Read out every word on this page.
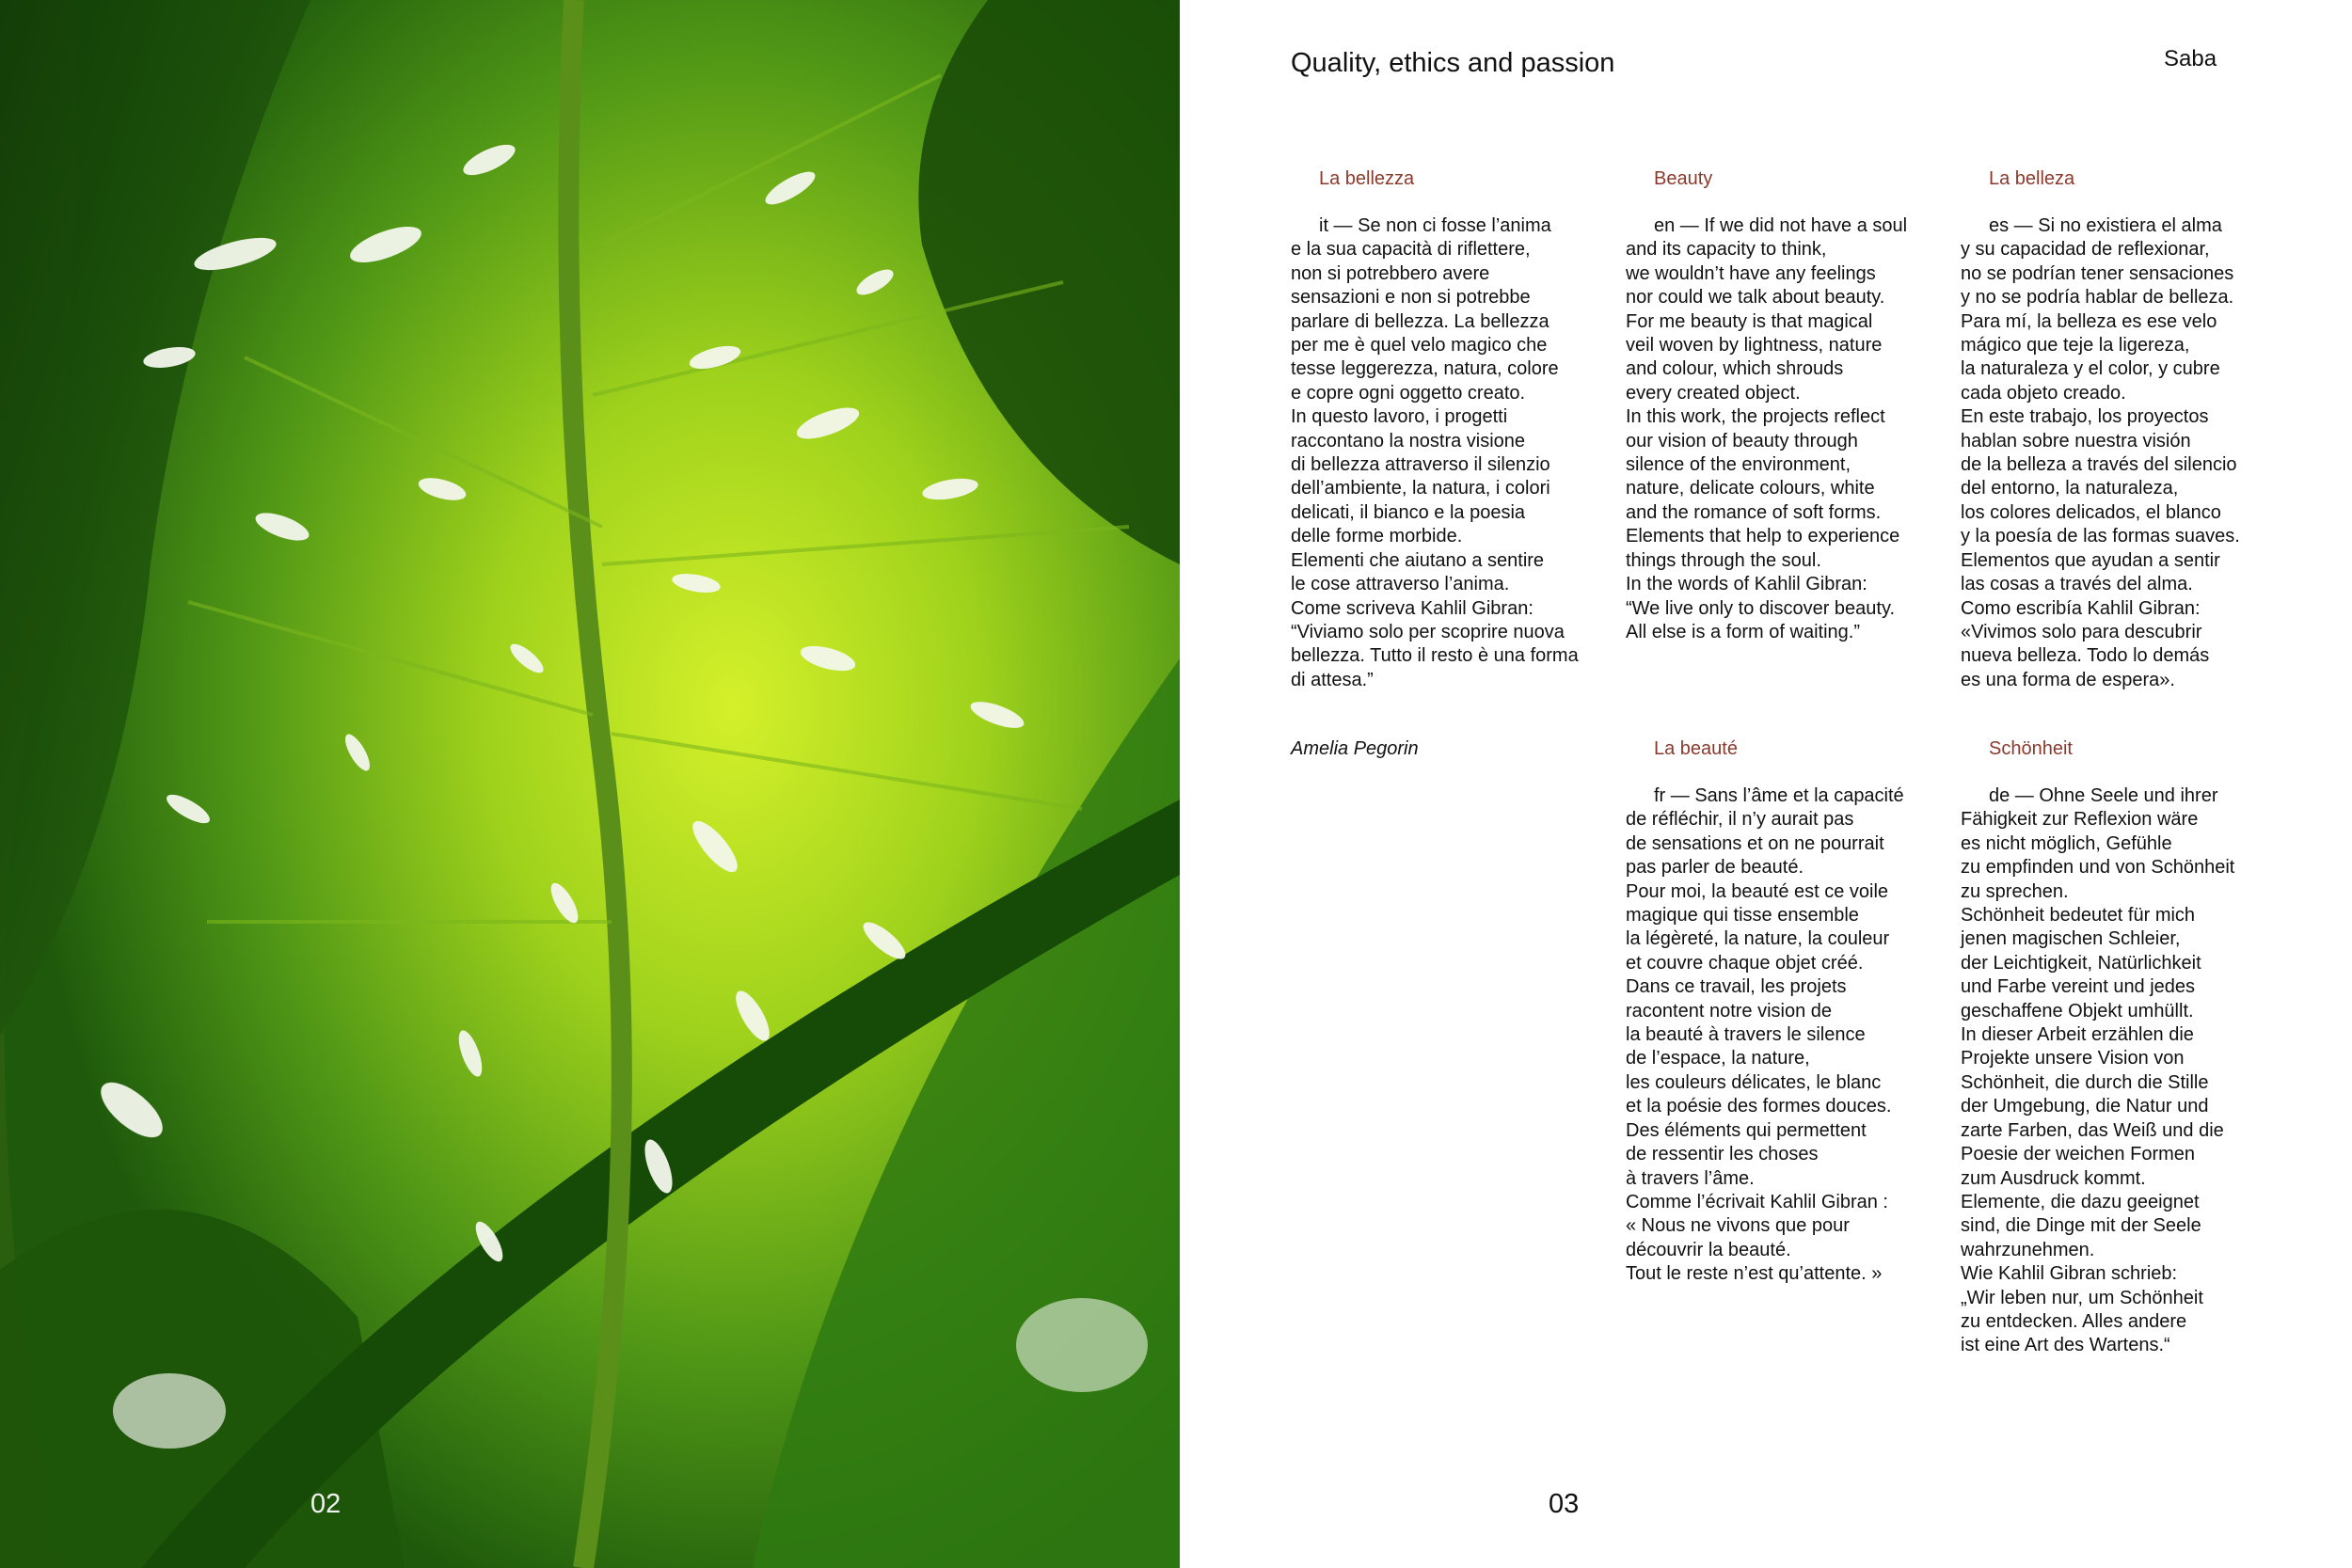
02
Quality, ethics and passion	Saba
La bellezza
it — Se non ci fosse l’anima
e la sua capacità di riflettere,
non si potrebbero avere
sensazioni e non si potrebbe
parlare di bellezza. La bellezza
per me è quel velo magico che
tesse leggerezza, natura, colore
e copre ogni oggetto creato.
In questo lavoro, i progetti
raccontano la nostra visione
di bellezza attraverso il silenzio
dell’ambiente, la natura, i colori
delicati, il bianco e la poesia
delle forme morbide.
Elementi che aiutano a sentire
le cose attraverso l’anima.
Come scriveva Kahlil Gibran:
“Viviamo solo per scoprire nuova
bellezza. Tutto il resto è una forma
di attesa.”
Beauty
en — If we did not have a soul
and its capacity to think,
we wouldn’t have any feelings
nor could we talk about beauty.
For me beauty is that magical
veil woven by lightness, nature
and colour, which shrouds
every created object.
In this work, the projects reflect
our vision of beauty through
silence of the environment,
nature, delicate colours, white
and the romance of soft forms.
Elements that help to experience
things through the soul.
In the words of Kahlil Gibran:
“We live only to discover beauty.
All else is a form of waiting.”
La belleza
es — Si no existiera el alma
y su capacidad de reflexionar,
no se podrían tener sensaciones
y no se podría hablar de belleza.
Para mí, la belleza es ese velo
mágico que teje la ligereza,
la naturaleza y el color, y cubre
cada objeto creado.
En este trabajo, los proyectos
hablan sobre nuestra visión
de la belleza a través del silencio
del entorno, la naturaleza,
los colores delicados, el blanco
y la poesía de las formas suaves.
Elementos que ayudan a sentir
las cosas a través del alma.
Como escribía Kahlil Gibran:
«Vivimos solo para descubrir
nueva belleza. Todo lo demás
es una forma de espera».
Amelia Pegorin	La beauté
fr — Sans l’âme et la capacité
de réfléchir, il n’y aurait pas
de sensations et on ne pourrait
pas parler de beauté.
Pour moi, la beauté est ce voile
magique qui tisse ensemble
la légèreté, la nature, la couleur
et couvre chaque objet créé.
Dans ce travail, les projets
racontent notre vision de
la beauté à travers le silence
de l’espace, la nature,
les couleurs délicates, le blanc
et la poésie des formes douces.
Des éléments qui permettent
de ressentir les choses
à travers l’âme.
Comme l’écrivait Kahlil Gibran :
« Nous ne vivons que pour
découvrir la beauté.
Tout le reste n’est qu’attente. »
Schönheit
de — Ohne Seele und ihrer
Fähigkeit zur Reflexion wäre
es nicht möglich, Gefühle
zu empfinden und von Schönheit
zu sprechen.
Schönheit bedeutet für mich
jenen magischen Schleier,
der Leichtigkeit, Natürlichkeit
und Farbe vereint und jedes
geschaffene Objekt umhüllt.
In dieser Arbeit erzählen die
Projekte unsere Vision von
Schönheit, die durch die Stille
der Umgebung, die Natur und
zarte Farben, das Weiß und die
Poesie der weichen Formen
zum Ausdruck kommt.
Elemente, die dazu geeignet
sind, die Dinge mit der Seele
wahrzunehmen.
Wie Kahlil Gibran schrieb:
„Wir leben nur, um Schönheit
zu entdecken. Alles andere
ist eine Art des Wartens.“
03
